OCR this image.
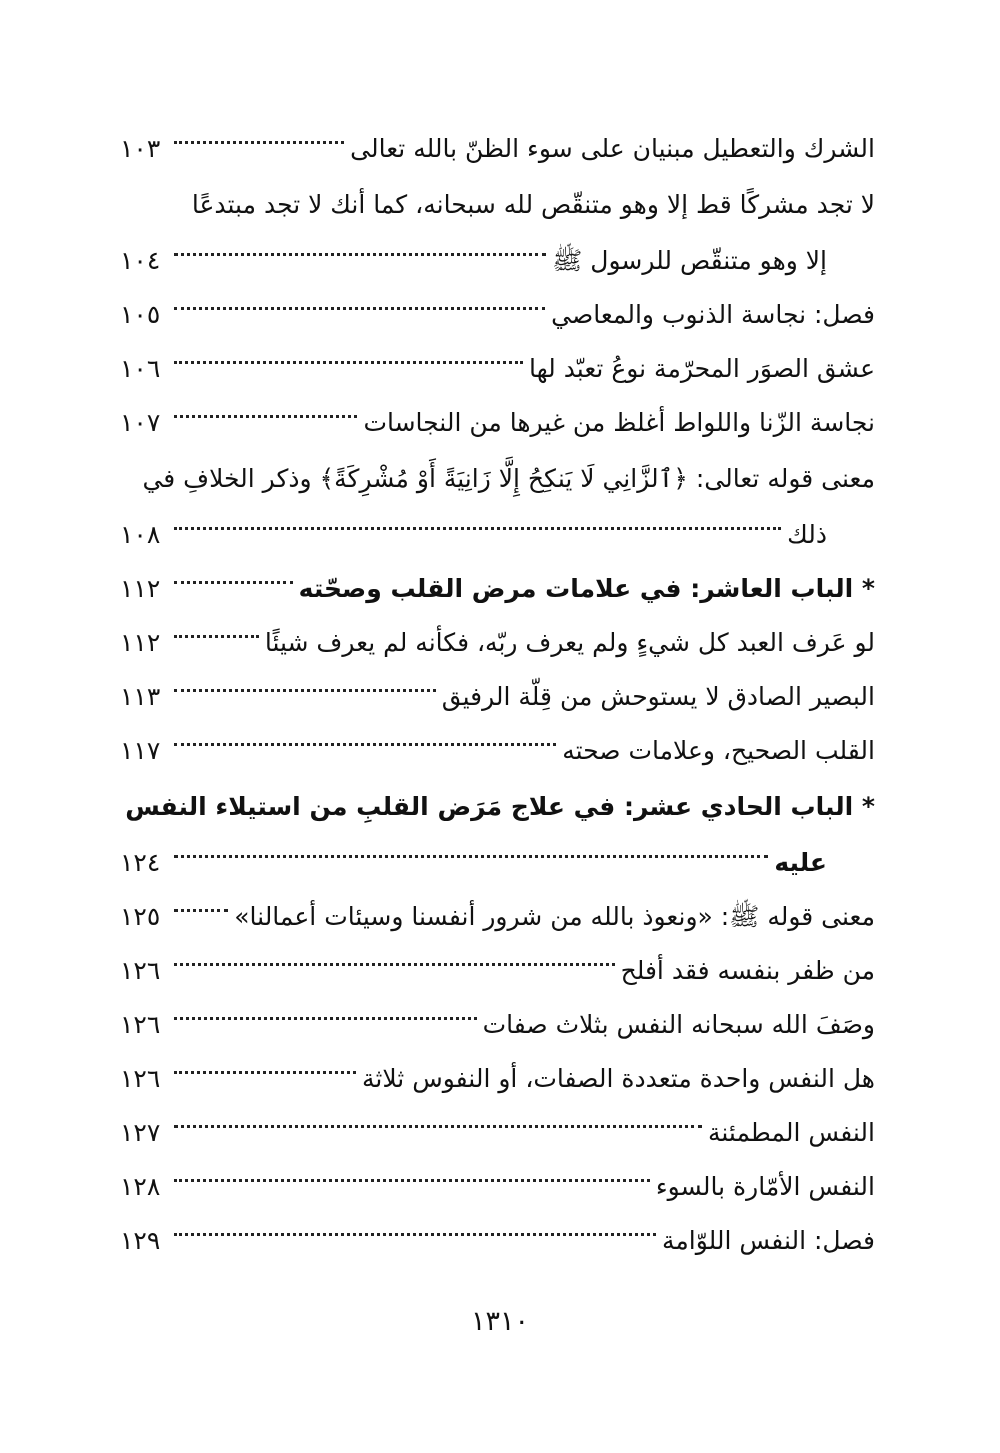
الشرك والتعطيل مبنيان على سوء الظنّ بالله تعالى
١٠٣
لا تجد مشركًا قط إلا وهو متنقّص لله سبحانه، كما أنك لا تجد مبتدعًا
إلا وهو متنقّص للرسول ﷺ
١٠٤
فصل: نجاسة الذنوب والمعاصي
١٠٥
عشق الصوَر المحرّمة نوعُ تعبّد لها
١٠٦
نجاسة الزّنا واللواط أغلظ من غيرها من النجاسات
١٠٧
معنى قوله تعالى: ﴿ٱلزَّانِي لَا يَنكِحُ إِلَّا زَانِيَةً أَوْ مُشْرِكَةً﴾ وذكر الخلافِ في
ذلك
١٠٨
* الباب العاشر: في علامات مرض القلب وصحّته
١١٢
لو عَرف العبد كل شيءٍ ولم يعرف ربّه، فكأنه لم يعرف شيئًا
١١٢
البصير الصادق لا يستوحش من قِلّة الرفيق
١١٣
القلب الصحيح، وعلامات صحته
١١٧
* الباب الحادي عشر: في علاج مَرَض القلبِ من استيلاء النفس
عليه
١٢٤
معنى قوله ﷺ: «ونعوذ بالله من شرور أنفسنا وسيئات أعمالنا»
١٢٥
من ظفر بنفسه فقد أفلح
١٢٦
وصَفَ الله سبحانه النفس بثلاث صفات
١٢٦
هل النفس واحدة متعددة الصفات، أو النفوس ثلاثة
١٢٦
النفس المطمئنة
١٢٧
النفس الأمّارة بالسوء
١٢٨
فصل: النفس اللوّامة
١٢٩
١٣١٠
